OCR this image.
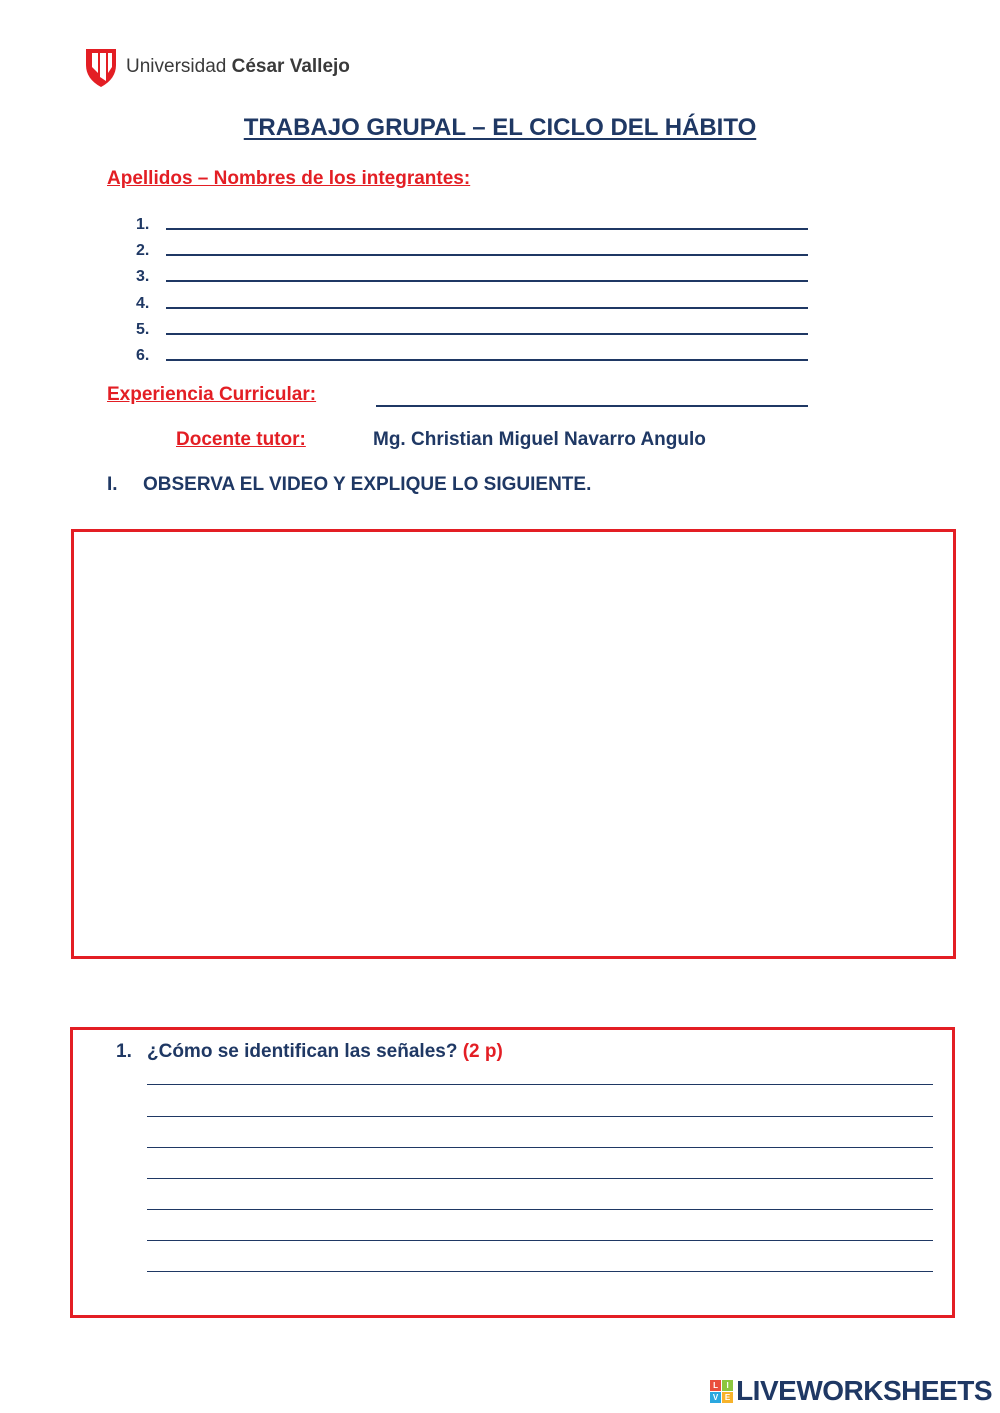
Universidad César Vallejo
TRABAJO GRUPAL – EL CICLO DEL HÁBITO
Apellidos – Nombres de los integrantes:
1.
2.
3.
4.
5.
6.
Experiencia Curricular:
Docente tutor:	Mg. Christian Miguel Navarro Angulo
I. OBSERVA EL VIDEO Y EXPLIQUE LO SIGUIENTE.
1. ¿Cómo se identifican las señales? (2 p)
L	I
V E LIVEWORKSHEETS
